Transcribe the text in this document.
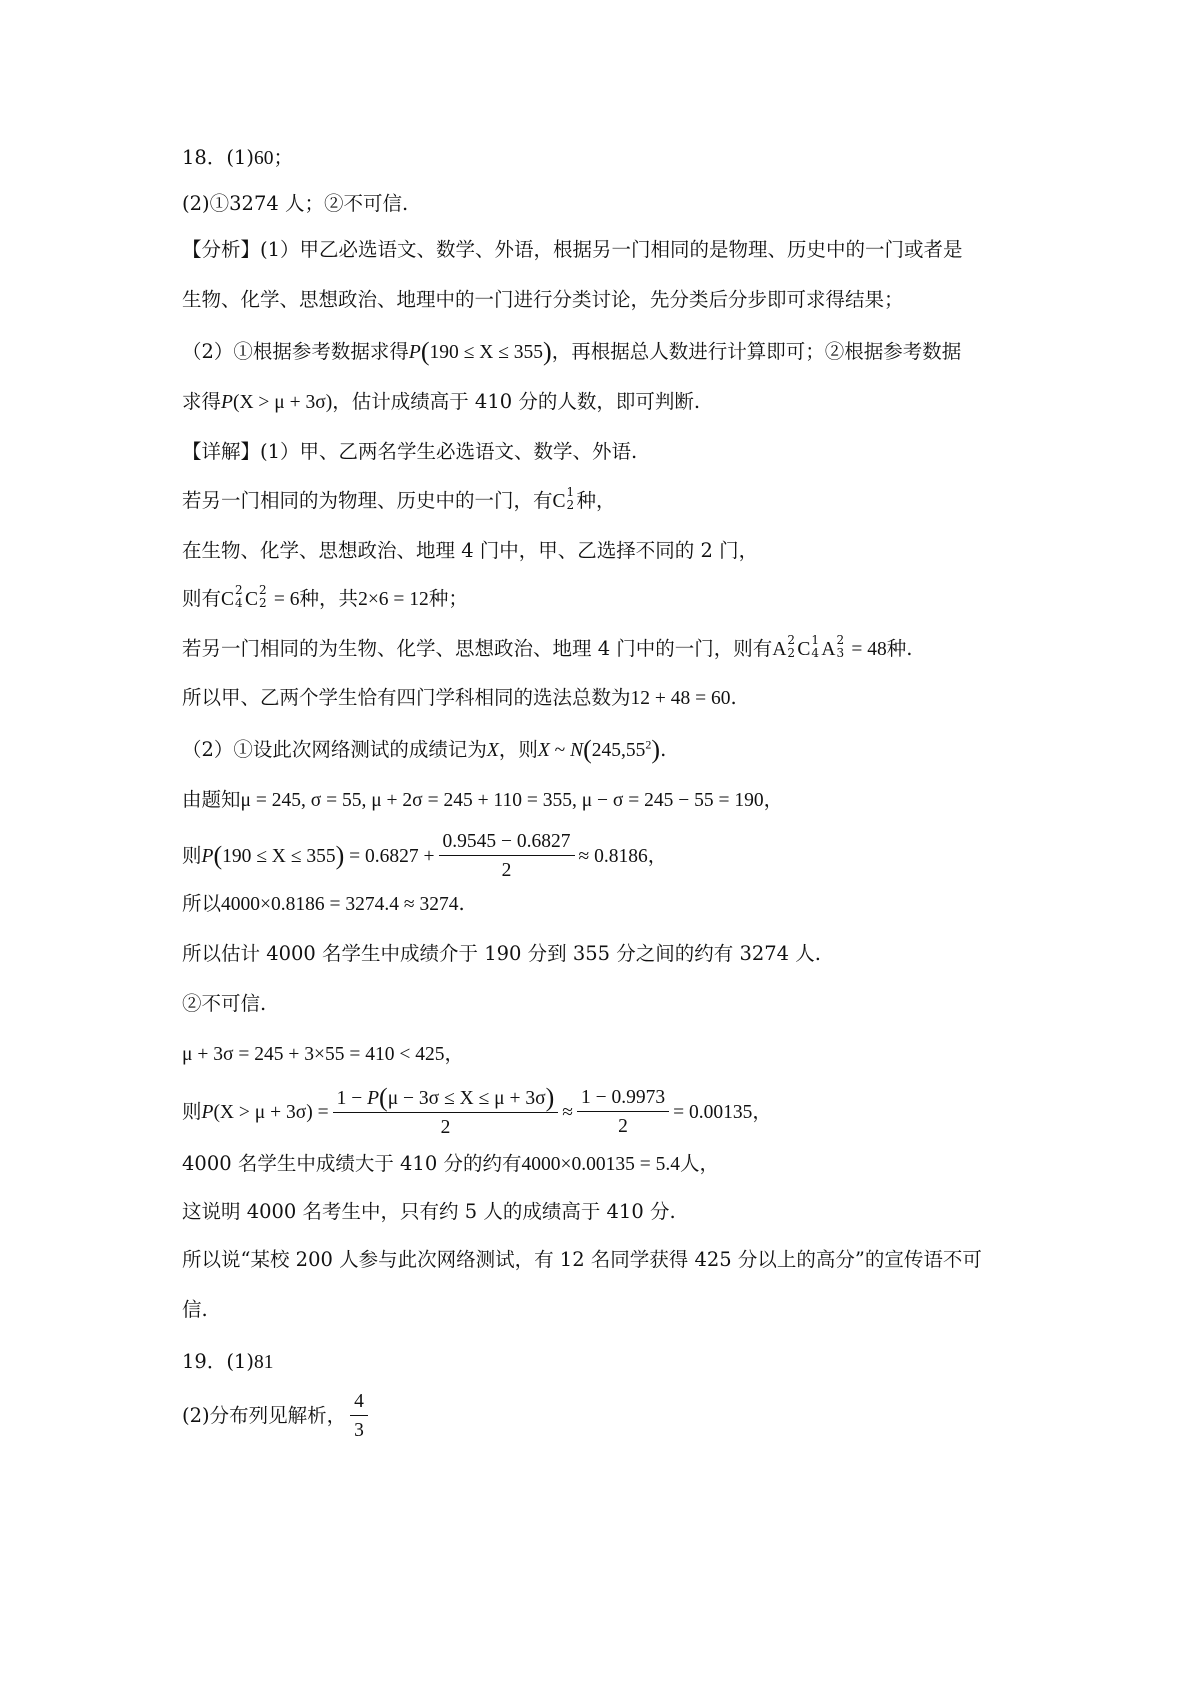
18．(1)60；
(2)①3274 人；②不可信.
【分析】(1）甲乙必选语文、数学、外语，根据另一门相同的是物理、历史中的一门或者是
生物、化学、思想政治、地理中的一门进行分类讨论，先分类后分步即可求得结果；
（2）①根据参考数据求得P(190 ≤ X ≤ 355)，再根据总人数进行计算即可；②根据参考数据
求得P(X > μ + 3σ)，估计成绩高于 410 分的人数，即可判断.
【详解】(1）甲、乙两名学生必选语文、数学、外语.
若另一门相同的为物理、历史中的一门，有C 1
2 种，
在生物、化学、思想政治、地理 4 门中，甲、乙选择不同的 2 门，
则有C 2
4 C 2
2 = 6种，共2×6 = 12种；
若另一门相同的为生物、化学、思想政治、地理 4 门中的一门，则有A 2
2 C 1
4 A 2
3 = 48种.
所以甲、乙两个学生恰有四门学科相同的选法总数为12 + 48 = 60.
（2）①设此次网络测试的成绩记为X，则X ~ N(245,55$^2$).
由题知μ = 245, σ = 55, μ + 2σ = 245 + 110 = 355, μ − σ = 245 − 55 = 190，
则$P(190 \le X \le 355) = 0.6827 + \frac{0.9545 - 0.6827}{2} \approx 0.8186$，
所以4000×0.8186 = 3274.4 ≈ 3274.
所以估计 4000 名学生中成绩介于 190 分到 355 分之间的约有 3274 人.
②不可信.
μ + 3σ = 245 + 3×55 = 410 < 425，
则$P(X > \mu + 3\sigma) = \frac{1 - P(\mu - 3\sigma \le X \le \mu + 3\sigma)}{2} \approx \frac{1 - 0.9973}{2} = 0.00135$，
4000 名学生中成绩大于 410 分的约有4000×0.00135 = 5.4人，
这说明 4000 名考生中，只有约 5 人的成绩高于 410 分.
所以说“某校 200 人参与此次网络测试，有 12 名同学获得 425 分以上的高分”的宣传语不可
信.
19．(1)81
(2)分布列见解析， $\frac{4}{3}$
